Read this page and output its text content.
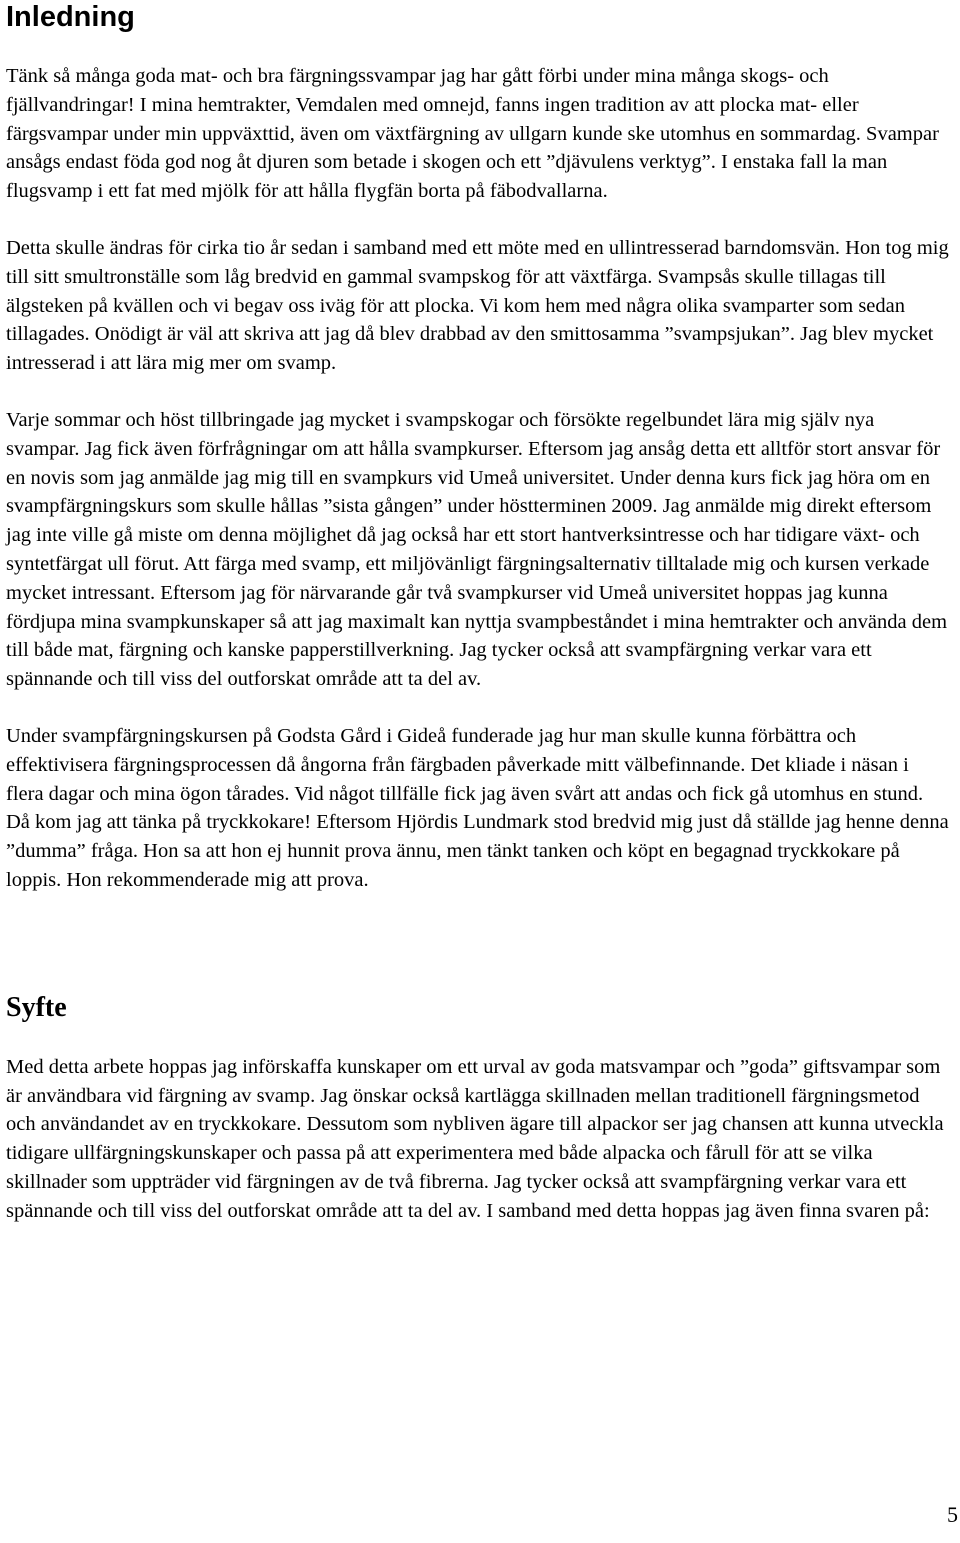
Inledning

Tänk så många goda mat- och bra färgningssvampar jag har gått förbi under mina många skogs- och fjällvandringar! I mina hemtrakter, Vemdalen med omnejd, fanns ingen tradition av att plocka mat- eller färgsvampar under min uppväxttid, även om växtfärgning av ullgarn kunde ske utomhus en sommardag. Svampar ansågs endast föda god nog åt djuren som betade i skogen och ett ”djävulens verktyg”. I enstaka fall la man flugsvamp i ett fat med mjölk för att hålla flygfän borta på fäbodvallarna.

Detta skulle ändras för cirka tio år sedan i samband med ett möte med en ullintresserad barndomsvän. Hon tog mig till sitt smultronställe som låg bredvid en gammal svampskog för att växtfärga. Svampsås skulle tillagas till älgsteken på kvällen och vi begav oss iväg för att plocka. Vi kom hem med några olika svamparter som sedan tillagades. Onödigt är väl att skriva att jag då blev drabbad av den smittosamma ”svampsjukan”. Jag blev mycket intresserad i att lära mig mer om svamp.

Varje sommar och höst tillbringade jag mycket i svampskogar och försökte regelbundet lära mig själv nya svampar. Jag fick även förfrågningar om att hålla svampkurser. Eftersom jag ansåg detta ett alltför stort ansvar för en novis som jag anmälde jag mig till en svampkurs vid Umeå universitet. Under denna kurs fick jag höra om en svampfärgningskurs som skulle hållas ”sista gången” under höstterminen 2009. Jag anmälde mig direkt eftersom jag inte ville gå miste om denna möjlighet då jag också har ett stort hantverksintresse och har tidigare växt- och syntetfärgat ull förut. Att färga med svamp, ett miljövänligt färgningsalternativ tilltalade mig och kursen verkade mycket intressant. Eftersom jag för närvarande går två svampkurser vid Umeå universitet hoppas jag kunna fördjupa mina svampkunskaper så att jag maximalt kan nyttja svampbeståndet i mina hemtrakter och använda dem till både mat, färgning och kanske papperstillverkning. Jag tycker också att svampfärgning verkar vara ett spännande och till viss del outforskat område att ta del av.

Under svampfärgningskursen på Godsta Gård i Gideå funderade jag hur man skulle kunna förbättra och effektivisera färgningsprocessen då ångorna från färgbaden påverkade mitt välbefinnande. Det kliade i näsan i flera dagar och mina ögon tårades. Vid något tillfälle fick jag även svårt att andas och fick gå utomhus en stund. Då kom jag att tänka på tryckkokare! Eftersom Hjördis Lundmark stod bredvid mig just då ställde jag henne denna ”dumma” fråga. Hon sa att hon ej hunnit prova ännu, men tänkt tanken och köpt en begagnad tryckkokare på loppis. Hon rekommenderade mig att prova.

Syfte

Med detta arbete hoppas jag införskaffa kunskaper om ett urval av goda matsvampar och ”goda” giftsvampar som är användbara vid färgning av svamp. Jag önskar också kartlägga skillnaden mellan traditionell färgningsmetod och användandet av en tryckkokare. Dessutom som nybliven ägare till alpackor ser jag chansen att kunna utveckla tidigare ullfärgningskunskaper och passa på att experimentera med både alpacka och fårull för att se vilka skillnader som uppträder vid färgningen av de två fibrerna. Jag tycker också att svampfärgning verkar vara ett spännande och till viss del outforskat område att ta del av. I samband med detta hoppas jag även finna svaren på:

5
